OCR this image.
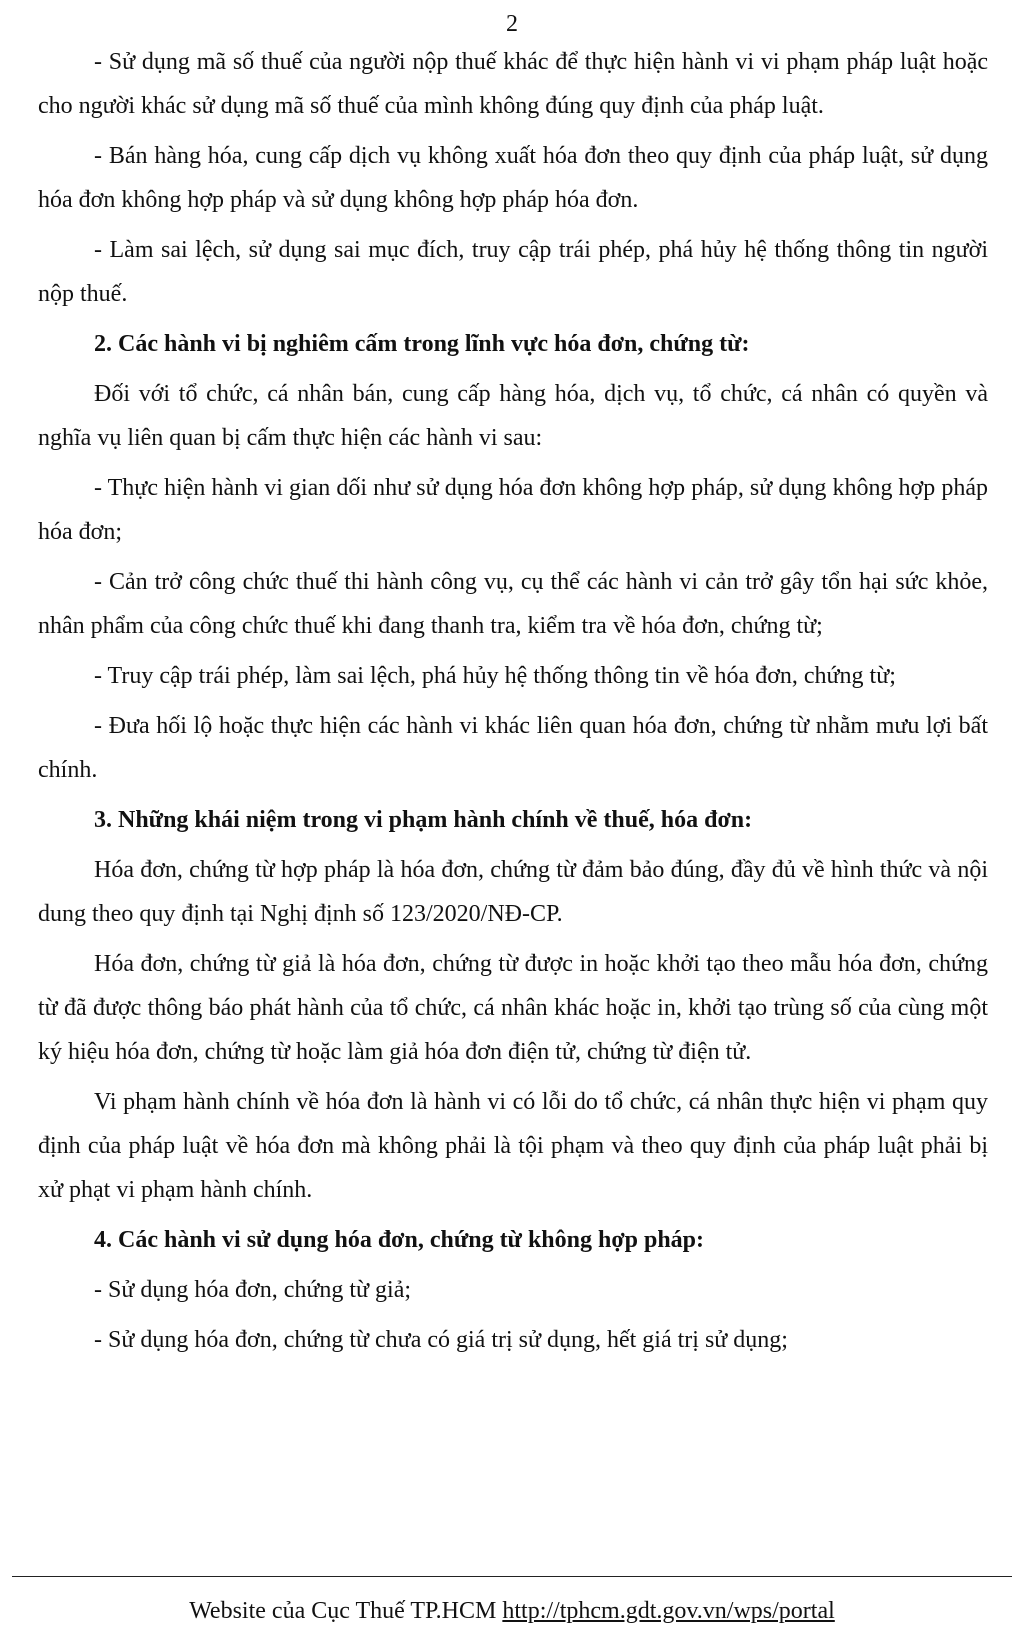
2

- Sử dụng mã số thuế của người nộp thuế khác để thực hiện hành vi vi phạm pháp luật hoặc cho người khác sử dụng mã số thuế của mình không đúng quy định của pháp luật.

- Bán hàng hóa, cung cấp dịch vụ không xuất hóa đơn theo quy định của pháp luật, sử dụng hóa đơn không hợp pháp và sử dụng không hợp pháp hóa đơn.

- Làm sai lệch, sử dụng sai mục đích, truy cập trái phép, phá hủy hệ thống thông tin người nộp thuế.

2. Các hành vi bị nghiêm cấm trong lĩnh vực hóa đơn, chứng từ:

Đối với tổ chức, cá nhân bán, cung cấp hàng hóa, dịch vụ, tổ chức, cá nhân có quyền và nghĩa vụ liên quan bị cấm thực hiện các hành vi sau:

- Thực hiện hành vi gian dối như sử dụng hóa đơn không hợp pháp, sử dụng không hợp pháp hóa đơn;

- Cản trở công chức thuế thi hành công vụ, cụ thể các hành vi cản trở gây tổn hại sức khỏe, nhân phẩm của công chức thuế khi đang thanh tra, kiểm tra về hóa đơn, chứng từ;

- Truy cập trái phép, làm sai lệch, phá hủy hệ thống thông tin về hóa đơn, chứng từ;

- Đưa hối lộ hoặc thực hiện các hành vi khác liên quan hóa đơn, chứng từ nhằm mưu lợi bất chính.

3. Những khái niệm trong vi phạm hành chính về thuế, hóa đơn:

Hóa đơn, chứng từ hợp pháp là hóa đơn, chứng từ đảm bảo đúng, đầy đủ về hình thức và nội dung theo quy định tại Nghị định số 123/2020/NĐ-CP.

Hóa đơn, chứng từ giả là hóa đơn, chứng từ được in hoặc khởi tạo theo mẫu hóa đơn, chứng từ đã được thông báo phát hành của tổ chức, cá nhân khác hoặc in, khởi tạo trùng số của cùng một ký hiệu hóa đơn, chứng từ hoặc làm giả hóa đơn điện tử, chứng từ điện tử.

Vi phạm hành chính về hóa đơn là hành vi có lỗi do tổ chức, cá nhân thực hiện vi phạm quy định của pháp luật về hóa đơn mà không phải là tội phạm và theo quy định của pháp luật phải bị xử phạt vi phạm hành chính.

4. Các hành vi sử dụng hóa đơn, chứng từ không hợp pháp:

- Sử dụng hóa đơn, chứng từ giả;

- Sử dụng hóa đơn, chứng từ chưa có giá trị sử dụng, hết giá trị sử dụng;

Website của Cục Thuế TP.HCM http://tphcm.gdt.gov.vn/wps/portal
